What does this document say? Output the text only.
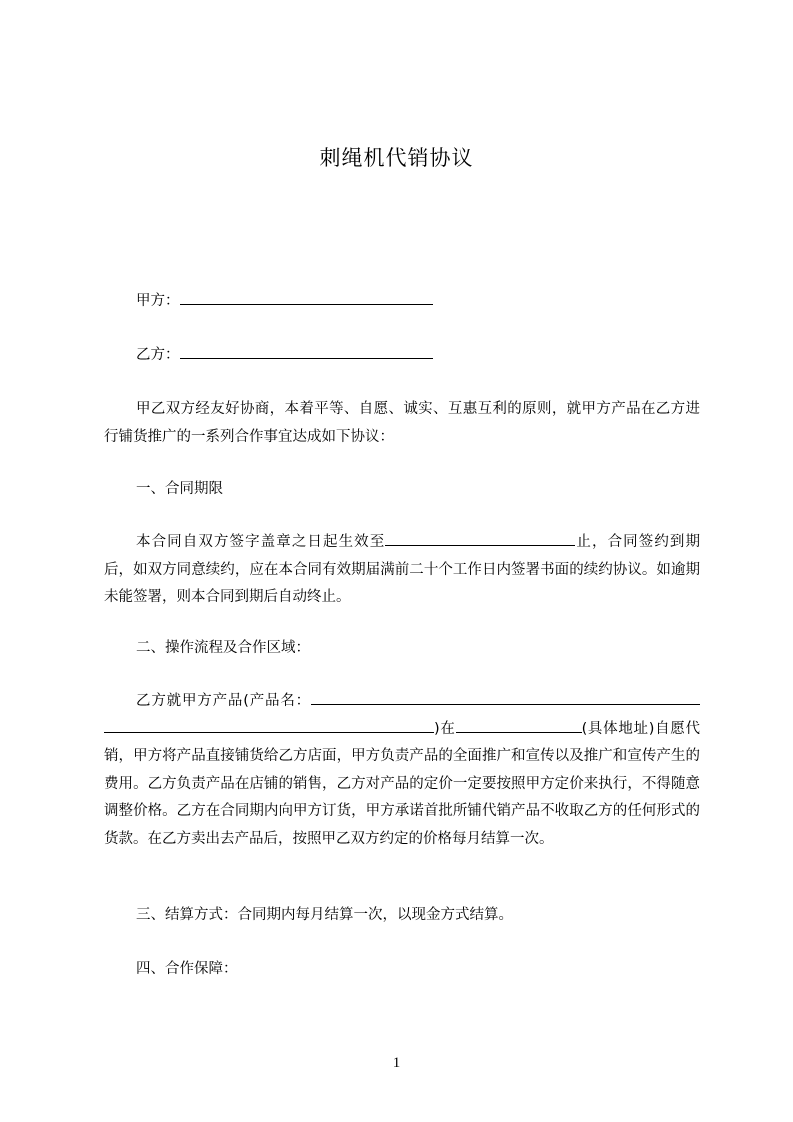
刺绳机代销协议
甲方：
乙方：
甲乙双方经友好协商，本着平等、自愿、诚实、互惠互利的原则，就甲方产品在乙方进行铺货推广的一系列合作事宜达成如下协议：
一、合同期限
本合同自双方签字盖章之日起生效至	止，合同签约到期后，如双方同意续约，应在本合同有效期届满前二十个工作日内签署书面的续约协议。如逾期未能签署，则本合同到期后自动终止。
二、操作流程及合作区域：
乙方就甲方产品(产品名：)在	(具体地址)自愿代销，甲方将产品直接铺货给乙方店面，甲方负责产品的全面推广和宣传以及推广和宣传产生的费用。乙方负责产品在店铺的销售，乙方对产品的定价一定要按照甲方定价来执行，不得随意调整价格。乙方在合同期内向甲方订货，甲方承诺首批所铺代销产品不收取乙方的任何形式的货款。在乙方卖出去产品后，按照甲乙双方约定的价格每月结算一次。
三、结算方式：合同期内每月结算一次，以现金方式结算。
四、合作保障：
1
